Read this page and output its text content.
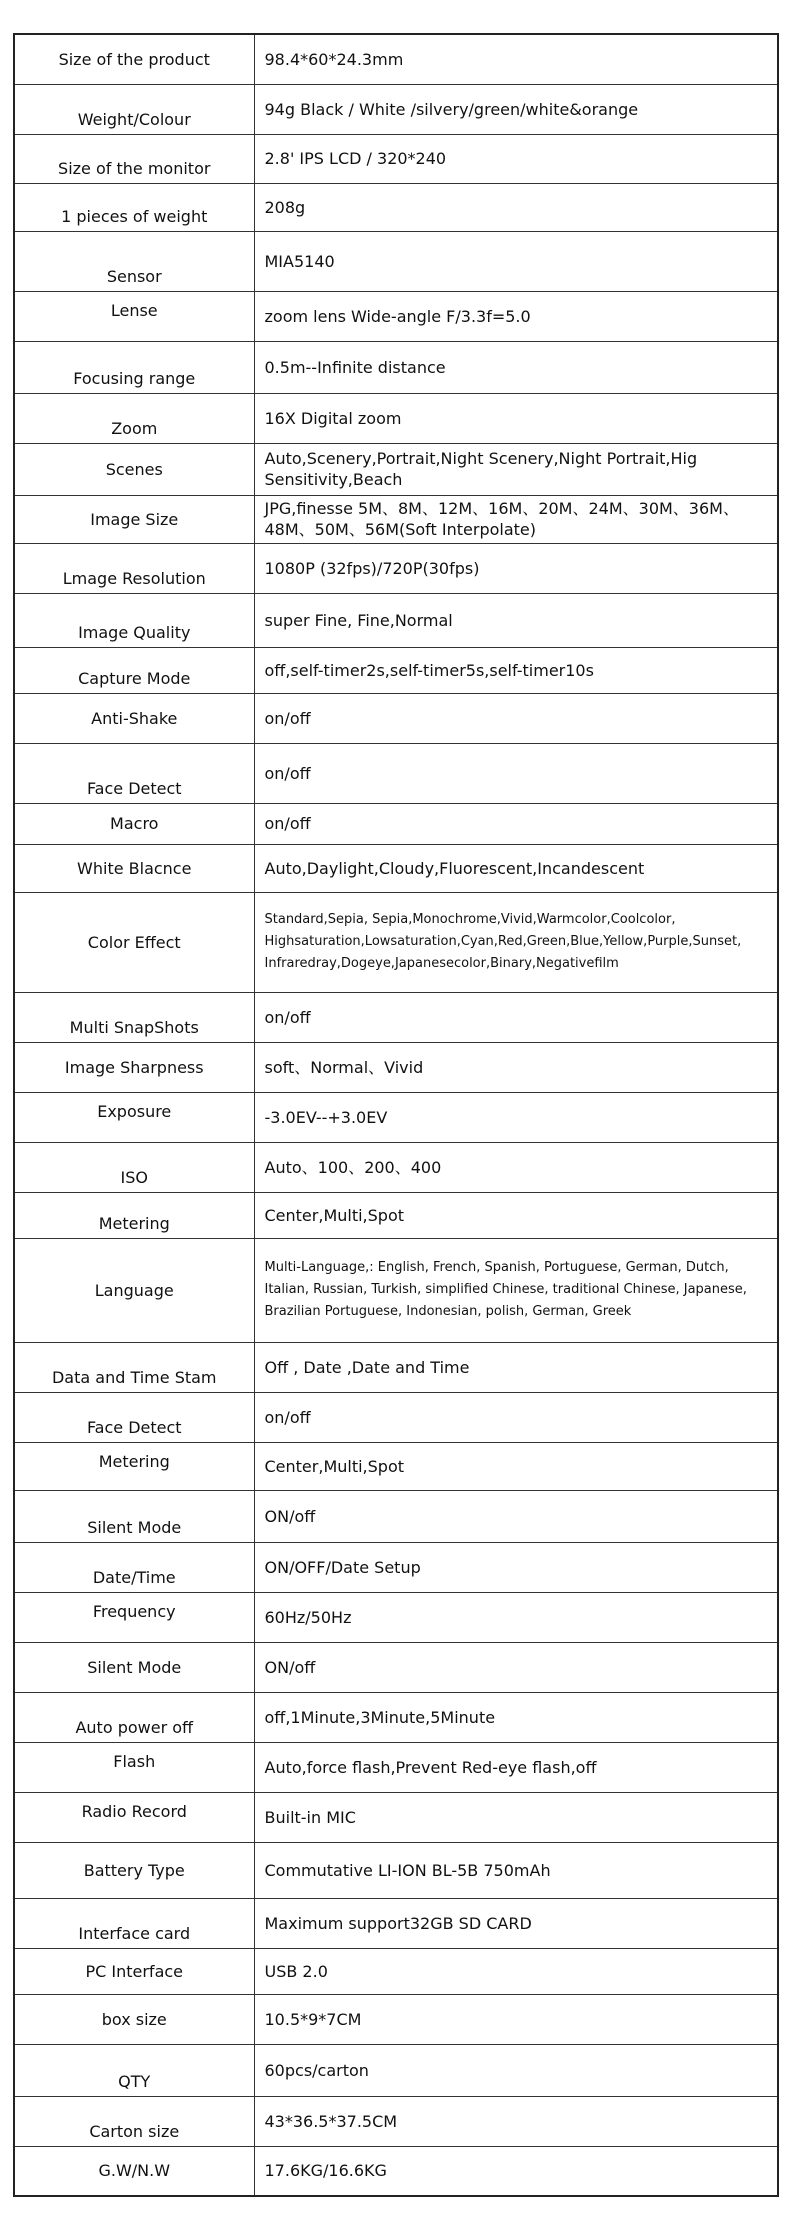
Size of the product	98.4*60*24.3mm
Weight/Colour	94g Black / White /silvery/green/white&orange
Size of the monitor	2.8' IPS LCD / 320*240
1 pieces of weight	208g
Sensor	MIA5140
Lense	zoom lens Wide-angle F/3.3f=5.0
Focusing range	0.5m--Infinite distance
Zoom	16X Digital zoom
Scenes	Auto,Scenery,Portrait,Night Scenery,Night Portrait,Hig Sensitivity,Beach
Image Size	JPG,finesse 5M、8M、12M、16M、20M、24M、30M、36M、48M、50M、56M(Soft Interpolate)
Lmage Resolution	1080P (32fps)/720P(30fps)
Image Quality	super Fine, Fine,Normal
Capture Mode	off,self-timer2s,self-timer5s,self-timer10s
Anti-Shake	on/off
Face Detect	on/off
Macro	on/off
White Blacnce	Auto,Daylight,Cloudy,Fluorescent,Incandescent
Color Effect	Standard,Sepia, Sepia,Monochrome,Vivid,Warmcolor,Coolcolor, Highsaturation,Lowsaturation,Cyan,Red,Green,Blue,Yellow,Purple,Sunset, Infraredray,Dogeye,Japanesecolor,Binary,Negativefilm
Multi SnapShots	on/off
Image Sharpness	soft、Normal、Vivid
Exposure	-3.0EV--+3.0EV
ISO	Auto、100、200、400
Metering	Center,Multi,Spot
Language	Multi-Language,: English, French, Spanish, Portuguese, German, Dutch, Italian, Russian, Turkish, simplified Chinese, traditional Chinese, Japanese, Brazilian Portuguese, Indonesian, polish, German, Greek
Data and Time Stam	Off , Date ,Date and Time
Face Detect	on/off
Metering	Center,Multi,Spot
Silent Mode	ON/off
Date/Time	ON/OFF/Date Setup
Frequency	60Hz/50Hz
Silent Mode	ON/off
Auto power off	off,1Minute,3Minute,5Minute
Flash	Auto,force flash,Prevent Red-eye flash,off
Radio Record	Built-in MIC
Battery Type	Commutative LI-ION BL-5B 750mAh
Interface card	Maximum support32GB SD CARD
PC Interface	USB 2.0
box size	10.5*9*7CM
QTY	60pcs/carton
Carton size	43*36.5*37.5CM
G.W/N.W	17.6KG/16.6KG
